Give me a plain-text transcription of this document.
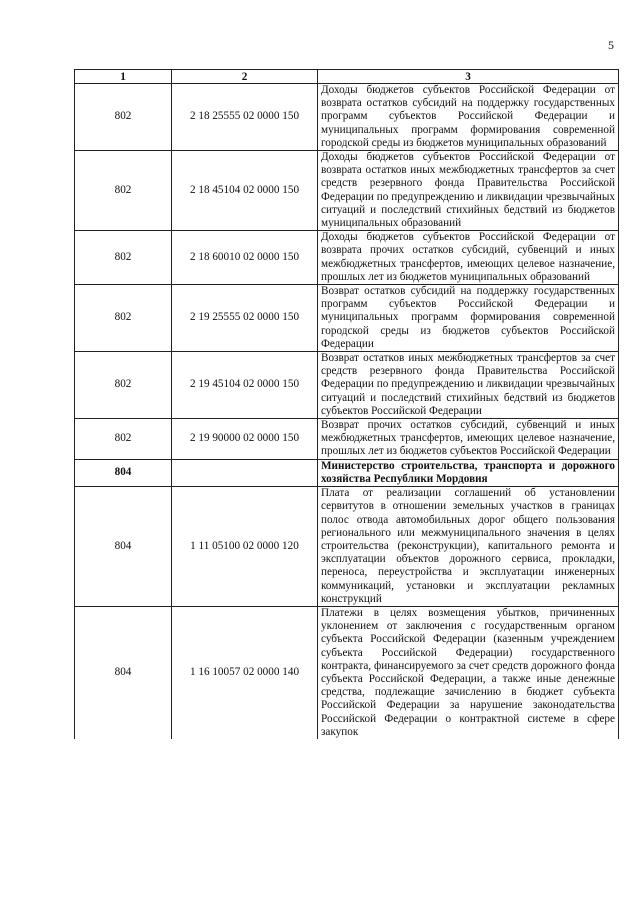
5
1	2	3
802	2 18 25555 02 0000 150	Доходы бюджетов субъектов Российской Федерации от возврата остатков субсидий на поддержку государственных программ субъектов Российской Федерации и муниципальных программ формирования современной городской среды из бюджетов муниципальных образований
802	2 18 45104 02 0000 150	Доходы бюджетов субъектов Российской Федерации от возврата остатков иных межбюджетных трансфертов за счет средств резервного фонда Правительства Российской Федерации по предупреждению и ликвидации чрезвычайных ситуаций и последствий стихийных бедствий из бюджетов муниципальных образований
802	2 18 60010 02 0000 150	Доходы бюджетов субъектов Российской Федерации от возврата прочих остатков субсидий, субвенций и иных межбюджетных трансфертов, имеющих целевое назначение, прошлых лет из бюджетов муниципальных образований
802	2 19 25555 02 0000 150	Возврат остатков субсидий на поддержку государственных программ субъектов Российской Федерации и муниципальных программ формирования современной городской среды из бюджетов субъектов Российской Федерации
802	2 19 45104 02 0000 150	Возврат остатков иных межбюджетных трансфертов за счет средств резервного фонда Правительства Российской Федерации по предупреждению и ликвидации чрезвычайных ситуаций и последствий стихийных бедствий из бюджетов субъектов Российской Федерации
802	2 19 90000 02 0000 150	Возврат прочих остатков субсидий, субвенций и иных межбюджетных трансфертов, имеющих целевое назначение, прошлых лет из бюджетов субъектов Российской Федерации
804		Министерство строительства, транспорта и дорожного хозяйства Республики Мордовия
804	1 11 05100 02 0000 120	Плата от реализации соглашений об установлении сервитутов в отношении земельных участков в границах полос отвода автомобильных дорог общего пользования регионального или межмуниципального значения в целях строительства (реконструкции), капитального ремонта и эксплуатации объектов дорожного сервиса, прокладки, переноса, переустройства и эксплуатации инженерных коммуникаций, установки и эксплуатации рекламных конструкций
804	1 16 10057 02 0000 140	Платежи в целях возмещения убытков, причиненных уклонением от заключения с государственным органом субъекта Российской Федерации (казенным учреждением субъекта Российской Федерации) государственного контракта, финансируемого за счет средств дорожного фонда субъекта Российской Федерации, а также иные денежные средства, подлежащие зачислению в бюджет субъекта Российской Федерации за нарушение законодательства Российской Федерации о контрактной системе в сфере закупок
